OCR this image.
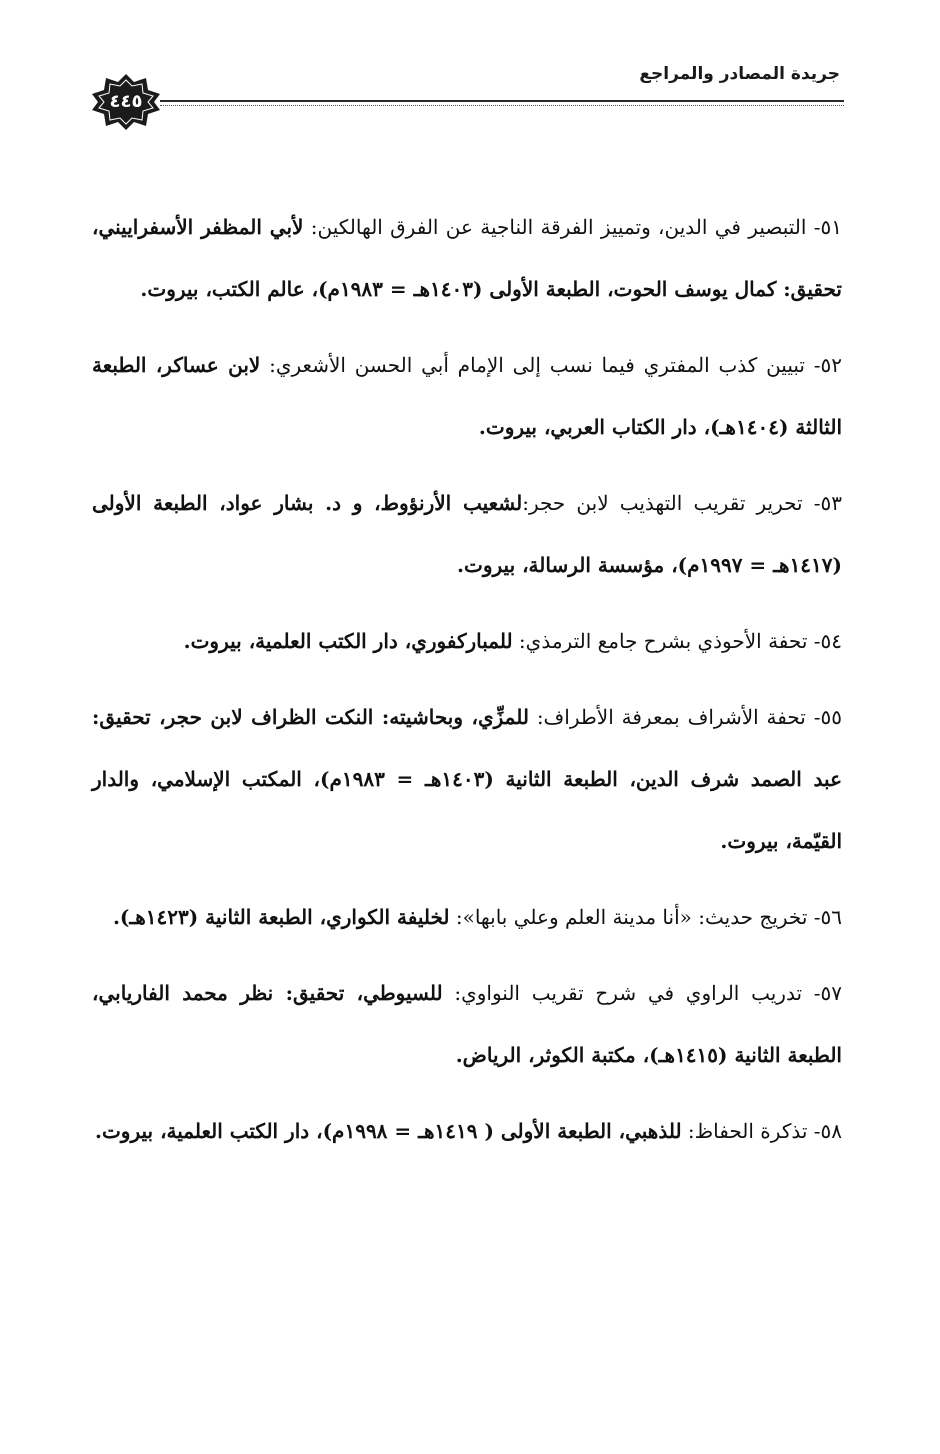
جريدة المصادر والمراجع
٤٤٥

٥١- التبصير في الدين، وتمييز الفرقة الناجية عن الفرق الهالكين: لأبي المظفر الأسفراييني، تحقيق: كمال يوسف الحوت، الطبعة الأولى (١٤٠٣هـ = ١٩٨٣م)، عالم الكتب، بيروت.

٥٢- تبيين كذب المفتري فيما نسب إلى الإمام أبي الحسن الأشعري: لابن عساكر، الطبعة الثالثة (١٤٠٤هـ)، دار الكتاب العربي، بيروت.

٥٣- تحرير تقريب التهذيب لابن حجر:لشعيب الأرنؤوط، و د. بشار عواد، الطبعة الأولى (١٤١٧هـ = ١٩٩٧م)، مؤسسة الرسالة، بيروت.

٥٤- تحفة الأحوذي بشرح جامع الترمذي: للمباركفوري، دار الكتب العلمية، بيروت.

٥٥- تحفة الأشراف بمعرفة الأطراف: للمزِّي، وبحاشيته: النكت الظراف لابن حجر، تحقيق: عبد الصمد شرف الدين، الطبعة الثانية (١٤٠٣هـ = ١٩٨٣م)، المكتب الإسلامي، والدار القيّمة، بيروت.

٥٦- تخريج حديث: «أنا مدينة العلم وعلي بابها»: لخليفة الكواري، الطبعة الثانية (١٤٢٣هـ).

٥٧- تدريب الراوي في شرح تقريب النواوي: للسيوطي، تحقيق: نظر محمد الفاريابي، الطبعة الثانية (١٤١٥هـ)، مكتبة الكوثر، الرياض.

٥٨- تذكرة الحفاظ: للذهبي، الطبعة الأولى ( ١٤١٩هـ = ١٩٩٨م)، دار الكتب العلمية، بيروت.
